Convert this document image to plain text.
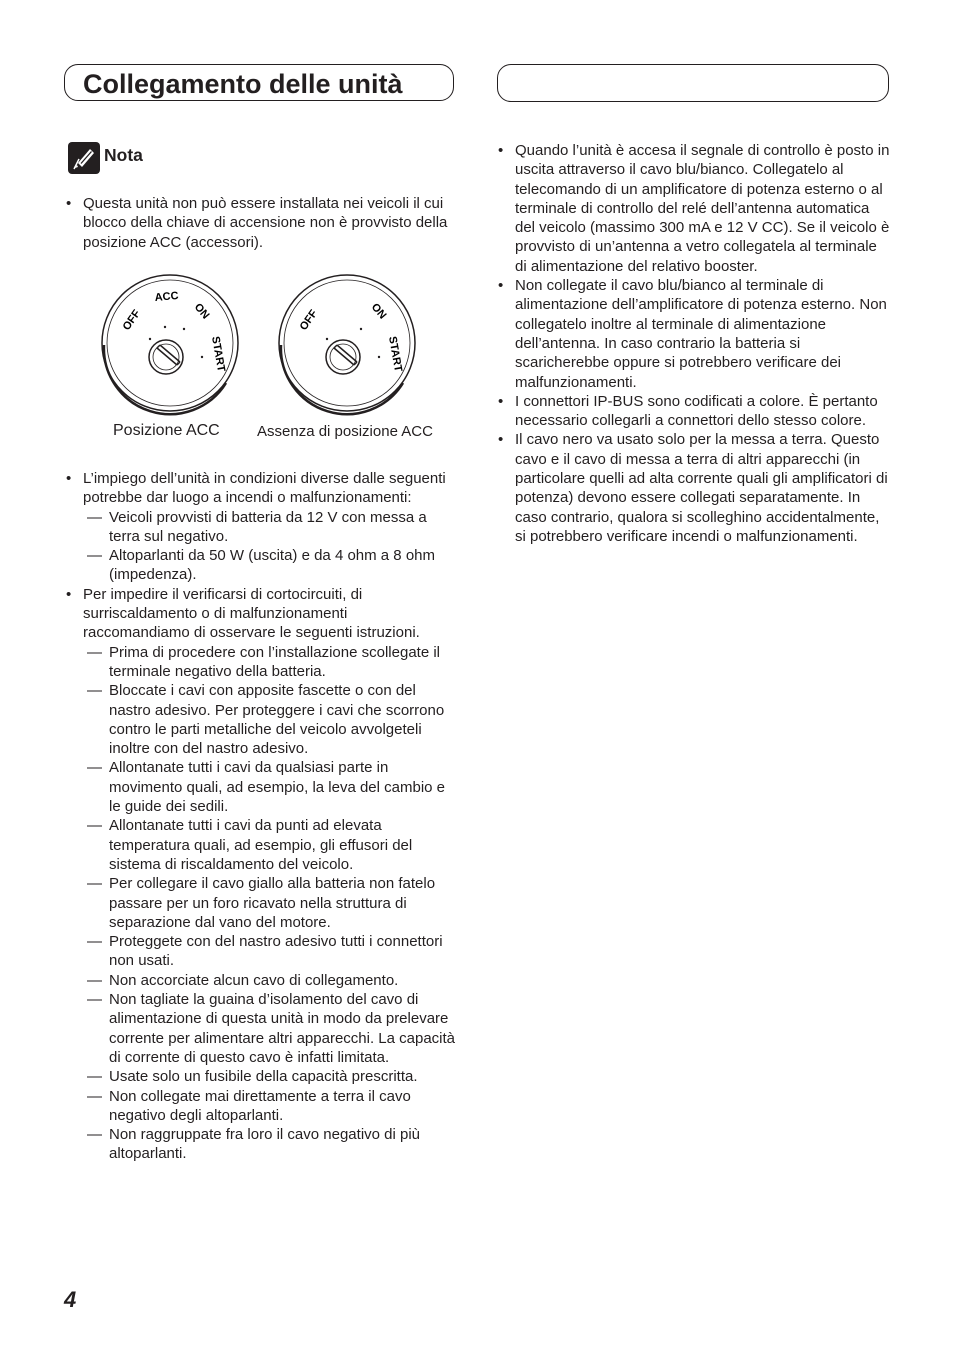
Collegamento delle unità
Nota
• Questa unità non può essere installata nei veicoli il cui blocco della chiave di accensione non è provvisto della posizione ACC (accessori).
OFF
ACC
ON
START
OFF	ON
START
Posizione ACC Assenza di posizione ACC
• L’impiego dell’unità in condizioni diverse dalle seguenti potrebbe dar luogo a incendi o malfunzionamenti:
— Veicoli provvisti di batteria da 12 V con messa a terra sul negativo.
— Altoparlanti da 50 W (uscita) e da 4 ohm a 8 ohm (impedenza).
• Per impedire il verificarsi di cortocircuiti, di surriscaldamento o di malfunzionamenti raccomandiamo di osservare le seguenti istruzioni.
— Prima di procedere con l’installazione scollegate il terminale negativo della batteria.
— Bloccate i cavi con apposite fascette o con del nastro adesivo. Per proteggere i cavi che scorrono contro le parti metalliche del veicolo avvolgeteli inoltre con del nastro adesivo.
— Allontanate tutti i cavi da qualsiasi parte in movimento quali, ad esempio, la leva del cambio e le guide dei sedili.
— Allontanate tutti i cavi da punti ad elevata temperatura quali, ad esempio, gli effusori del sistema di riscaldamento del veicolo.
— Per collegare il cavo giallo alla batteria non fatelo passare per un foro ricavato nella struttura di separazione dal vano del motore.
— Proteggete con del nastro adesivo tutti i connettori non usati.
— Non accorciate alcun cavo di collegamento.
— Non tagliate la guaina d’isolamento del cavo di alimentazione di questa unità in modo da prelevare corrente per alimentare altri apparecchi. La capacità di corrente di questo cavo è infatti limitata.
— Usate solo un fusibile della capacità prescritta.
— Non collegate mai direttamente a terra il cavo negativo degli altoparlanti.
— Non raggruppate fra loro il cavo negativo di più altoparlanti.
• Quando l’unità è accesa il segnale di controllo è posto in uscita attraverso il cavo blu/bianco. Collegatelo al telecomando di un amplificatore di potenza esterno o al terminale di controllo del relé dell’antenna automatica del veicolo (massimo 300 mA e 12 V CC). Se il veicolo è provvisto di un’antenna a vetro collegatela al terminale di alimentazione del relativo booster.
• Non collegate il cavo blu/bianco al terminale di alimentazione dell’amplificatore di potenza esterno. Non collegatelo inoltre al terminale di alimentazione dell’antenna. In caso contrario la batteria si scaricherebbe oppure si potrebbero verificare dei malfunzionamenti.
• I connettori IP-BUS sono codificati a colore. È pertanto necessario collegarli a connettori dello stesso colore.
• Il cavo nero va usato solo per la messa a terra. Questo cavo e il cavo di messa a terra di altri apparecchi (in particolare quelli ad alta corrente quali gli amplificatori di potenza) devono essere collegati separatamente. In caso contrario, qualora si scolleghino accidentalmente, si potrebbero verificare incendi o malfunzionamenti.
4
